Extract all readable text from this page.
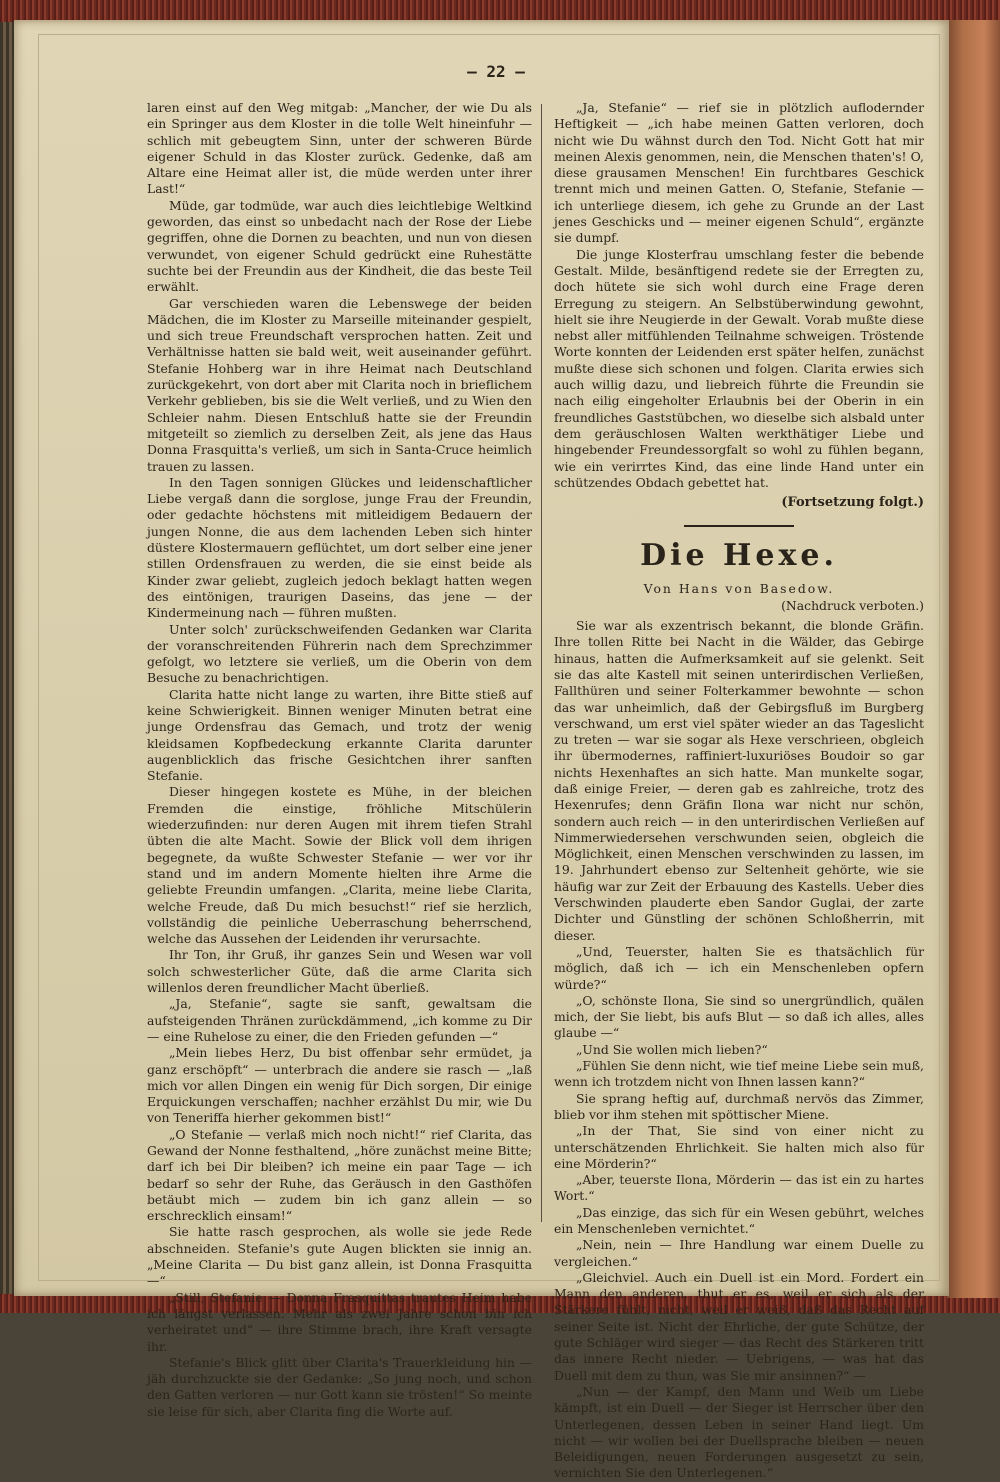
— 22 —

laren einst auf den Weg mitgab: „Mancher, der wie Du als ein Springer aus dem Kloster in die tolle Welt hineinfuhr — schlich mit gebeugtem Sinn, unter der schweren Bürde eigener Schuld in das Kloster zurück. Gedenke, daß am Altare eine Heimat aller ist, die müde werden unter ihrer Last!“

Müde, gar todmüde, war auch dies leichtlebige Weltkind geworden, das einst so unbedacht nach der Rose der Liebe gegriffen, ohne die Dornen zu beachten, und nun von diesen verwundet, von eigener Schuld gedrückt eine Ruhestätte suchte bei der Freundin aus der Kindheit, die das beste Teil erwählt.

Gar verschieden waren die Lebenswege der beiden Mädchen, die im Kloster zu Marseille miteinander gespielt, und sich treue Freundschaft versprochen hatten. Zeit und Verhältnisse hatten sie bald weit, weit auseinander geführt. Stefanie Hohberg war in ihre Heimat nach Deutschland zurückgekehrt, von dort aber mit Clarita noch in brieflichem Verkehr geblieben, bis sie die Welt verließ, und zu Wien den Schleier nahm. Diesen Entschluß hatte sie der Freundin mitgeteilt so ziemlich zu derselben Zeit, als jene das Haus Donna Frasquitta's verließ, um sich in Santa-Cruce heimlich trauen zu lassen.

In den Tagen sonnigen Glückes und leidenschaftlicher Liebe vergaß dann die sorglose, junge Frau der Freundin, oder gedachte höchstens mit mitleidigem Bedauern der jungen Nonne, die aus dem lachenden Leben sich hinter düstere Klostermauern geflüchtet, um dort selber eine jener stillen Ordensfrauen zu werden, die sie einst beide als Kinder zwar geliebt, zugleich jedoch beklagt hatten wegen des eintönigen, traurigen Daseins, das jene — der Kindermeinung nach — führen mußten.

Unter solch' zurückschweifenden Gedanken war Clarita der voranschreitenden Führerin nach dem Sprechzimmer gefolgt, wo letztere sie verließ, um die Oberin von dem Besuche zu benachrichtigen.

Clarita hatte nicht lange zu warten, ihre Bitte stieß auf keine Schwierigkeit. Binnen weniger Minuten betrat eine junge Ordensfrau das Gemach, und trotz der wenig kleidsamen Kopfbedeckung erkannte Clarita darunter augenblicklich das frische Gesichtchen ihrer sanften Stefanie.

Dieser hingegen kostete es Mühe, in der bleichen Fremden die einstige, fröhliche Mitschülerin wiederzufinden: nur deren Augen mit ihrem tiefen Strahl übten die alte Macht. Sowie der Blick voll dem ihrigen begegnete, da wußte Schwester Stefanie — wer vor ihr stand und im andern Momente hielten ihre Arme die geliebte Freundin umfangen. „Clarita, meine liebe Clarita, welche Freude, daß Du mich besuchst!“ rief sie herzlich, vollständig die peinliche Ueberraschung beherrschend, welche das Aussehen der Leidenden ihr verursachte.

Ihr Ton, ihr Gruß, ihr ganzes Sein und Wesen war voll solch schwesterlicher Güte, daß die arme Clarita sich willenlos deren freundlicher Macht überließ.

„Ja, Stefanie“, sagte sie sanft, gewaltsam die aufsteigenden Thränen zurückdämmend, „ich komme zu Dir — eine Ruhelose zu einer, die den Frieden gefunden —“

„Mein liebes Herz, Du bist offenbar sehr ermüdet, ja ganz erschöpft“ — unterbrach die andere sie rasch — „laß mich vor allen Dingen ein wenig für Dich sorgen, Dir einige Erquickungen verschaffen; nachher erzählst Du mir, wie Du von Teneriffa hierher gekommen bist!“

„O Stefanie — verlaß mich noch nicht!“ rief Clarita, das Gewand der Nonne festhaltend, „höre zunächst meine Bitte; darf ich bei Dir bleiben? ich meine ein paar Tage — ich bedarf so sehr der Ruhe, das Geräusch in den Gasthöfen betäubt mich — zudem bin ich ganz allein — so erschrecklich einsam!“

Sie hatte rasch gesprochen, als wolle sie jede Rede abschneiden. Stefanie's gute Augen blickten sie innig an. „Meine Clarita — Du bist ganz allein, ist Donna Frasquitta —“

„Still, Stefanie — Donna Frasquittas trautes Heim habe ich längst verlassen. Mehr als zwei Jahre schon bin ich verheiratet und“ — ihre Stimme brach, ihre Kraft versagte ihr.

Stefanie's Blick glitt über Clarita's Trauerkleidung hin — jäh durchzuckte sie der Gedanke: „So jung noch, und schon den Gatten verloren — nur Gott kann sie trösten!“ So meinte sie leise für sich, aber Clarita fing die Worte auf.

„Ja, Stefanie“ — rief sie in plötzlich auflodernder Heftigkeit — „ich habe meinen Gatten verloren, doch nicht wie Du wähnst durch den Tod. Nicht Gott hat mir meinen Alexis genommen, nein, die Menschen thaten's! O, diese grausamen Menschen! Ein furchtbares Geschick trennt mich und meinen Gatten. O, Stefanie, Stefanie — ich unterliege diesem, ich gehe zu Grunde an der Last jenes Geschicks und — meiner eigenen Schuld“, ergänzte sie dumpf.

Die junge Klosterfrau umschlang fester die bebende Gestalt. Milde, besänftigend redete sie der Erregten zu, doch hütete sie sich wohl durch eine Frage deren Erregung zu steigern. An Selbstüberwindung gewohnt, hielt sie ihre Neugierde in der Gewalt. Vorab mußte diese nebst aller mitfühlenden Teilnahme schweigen. Tröstende Worte konnten der Leidenden erst später helfen, zunächst mußte diese sich schonen und folgen. Clarita erwies sich auch willig dazu, und liebreich führte die Freundin sie nach eilig eingeholter Erlaubnis bei der Oberin in ein freundliches Gaststübchen, wo dieselbe sich alsbald unter dem geräuschlosen Walten werkthätiger Liebe und hingebender Freundessorgfalt so wohl zu fühlen begann, wie ein verirrtes Kind, das eine linde Hand unter ein schützendes Obdach gebettet hat.

(Fortsetzung folgt.)

Die Hexe.

Von Hans von Basedow.

(Nachdruck verboten.)

Sie war als exzentrisch bekannt, die blonde Gräfin. Ihre tollen Ritte bei Nacht in die Wälder, das Gebirge hinaus, hatten die Aufmerksamkeit auf sie gelenkt. Seit sie das alte Kastell mit seinen unterirdischen Verließen, Fallthüren und seiner Folterkammer bewohnte — schon das war unheimlich, daß der Gebirgsfluß im Burgberg verschwand, um erst viel später wieder an das Tageslicht zu treten — war sie sogar als Hexe verschrieen, obgleich ihr übermodernes, raffiniert-luxuriöses Boudoir so gar nichts Hexenhaftes an sich hatte. Man munkelte sogar, daß einige Freier, — deren gab es zahlreiche, trotz des Hexenrufes; denn Gräfin Ilona war nicht nur schön, sondern auch reich — in den unterirdischen Verließen auf Nimmerwiedersehen verschwunden seien, obgleich die Möglichkeit, einen Menschen verschwinden zu lassen, im 19. Jahrhundert ebenso zur Seltenheit gehörte, wie sie häufig war zur Zeit der Erbauung des Kastells. Ueber dies Verschwinden plauderte eben Sandor Guglai, der zarte Dichter und Günstling der schönen Schloßherrin, mit dieser.

„Und, Teuerster, halten Sie es thatsächlich für möglich, daß ich — ich ein Menschenleben opfern würde?“

„O, schönste Ilona, Sie sind so unergründlich, quälen mich, der Sie liebt, bis aufs Blut — so daß ich alles, alles glaube —“

„Und Sie wollen mich lieben?“

„Fühlen Sie denn nicht, wie tief meine Liebe sein muß, wenn ich trotzdem nicht von Ihnen lassen kann?“

Sie sprang heftig auf, durchmaß nervös das Zimmer, blieb vor ihm stehen mit spöttischer Miene.

„In der That, Sie sind von einer nicht zu unterschätzenden Ehrlichkeit. Sie halten mich also für eine Mörderin?“

„Aber, teuerste Ilona, Mörderin — das ist ein zu hartes Wort.“

„Das einzige, das sich für ein Wesen gebührt, welches ein Menschenleben vernichtet.“

„Nein, nein — Ihre Handlung war einem Duelle zu vergleichen.“

„Gleichviel. Auch ein Duell ist ein Mord. Fordert ein Mann den anderen, thut er es, weil er sich als der Stärkere fühlt, nicht, weil er weiß, daß das Recht auf seiner Seite ist. Nicht der Ehrliche, der gute Schütze, der gute Schläger wird sieger — das Recht des Stärkeren tritt das innere Recht nieder. — Uebrigens, — was hat das Duell mit dem zu thun, was Sie mir ansinnen?“ —

„Nun — der Kampf, den Mann und Weib um Liebe kämpft, ist ein Duell — der Sieger ist Herrscher über den Unterlegenen, dessen Leben in seiner Hand liegt. Um nicht — wir wollen bei der Duellsprache bleiben — neuen Beleidigungen, neuen Forderungen ausgesetzt zu sein, vernichten Sie den Unterlegenen.“
